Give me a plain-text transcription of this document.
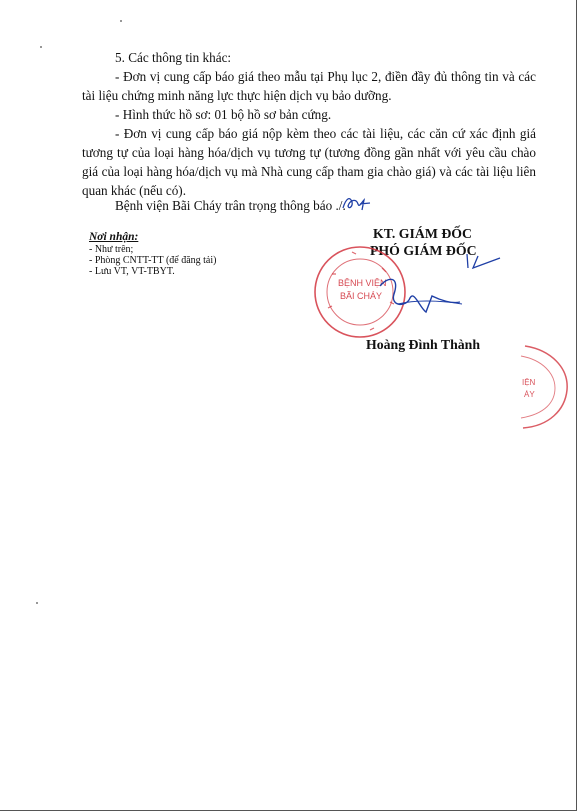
5. Các thông tin khác:
- Đơn vị cung cấp báo giá theo mẫu tại Phụ lục 2, điền đầy đủ thông tin và các tài liệu chứng minh năng lực thực hiện dịch vụ bảo dưỡng.
- Hình thức hồ sơ: 01 bộ hồ sơ bản cứng.
- Đơn vị cung cấp báo giá nộp kèm theo các tài liệu, các căn cứ xác định giá tương tự của loại hàng hóa/dịch vụ tương tự (tương đồng gần nhất với yêu cầu chào giá của loại hàng hóa/dịch vụ mà Nhà cung cấp tham gia chào giá) và các tài liệu liên quan khác (nếu có).
Bệnh viện Bãi Cháy trân trọng thông báo ./.
Nơi nhận:
- Như trên;
- Phòng CNTT-TT (để đăng tải)
- Lưu VT, VT-TBYT.
KT. GIÁM ĐỐC
PHÓ GIÁM ĐỐC
BỆNH VIỆN
BÃI CHÁY
Hoàng Đình Thành
IỆN
ÁY
